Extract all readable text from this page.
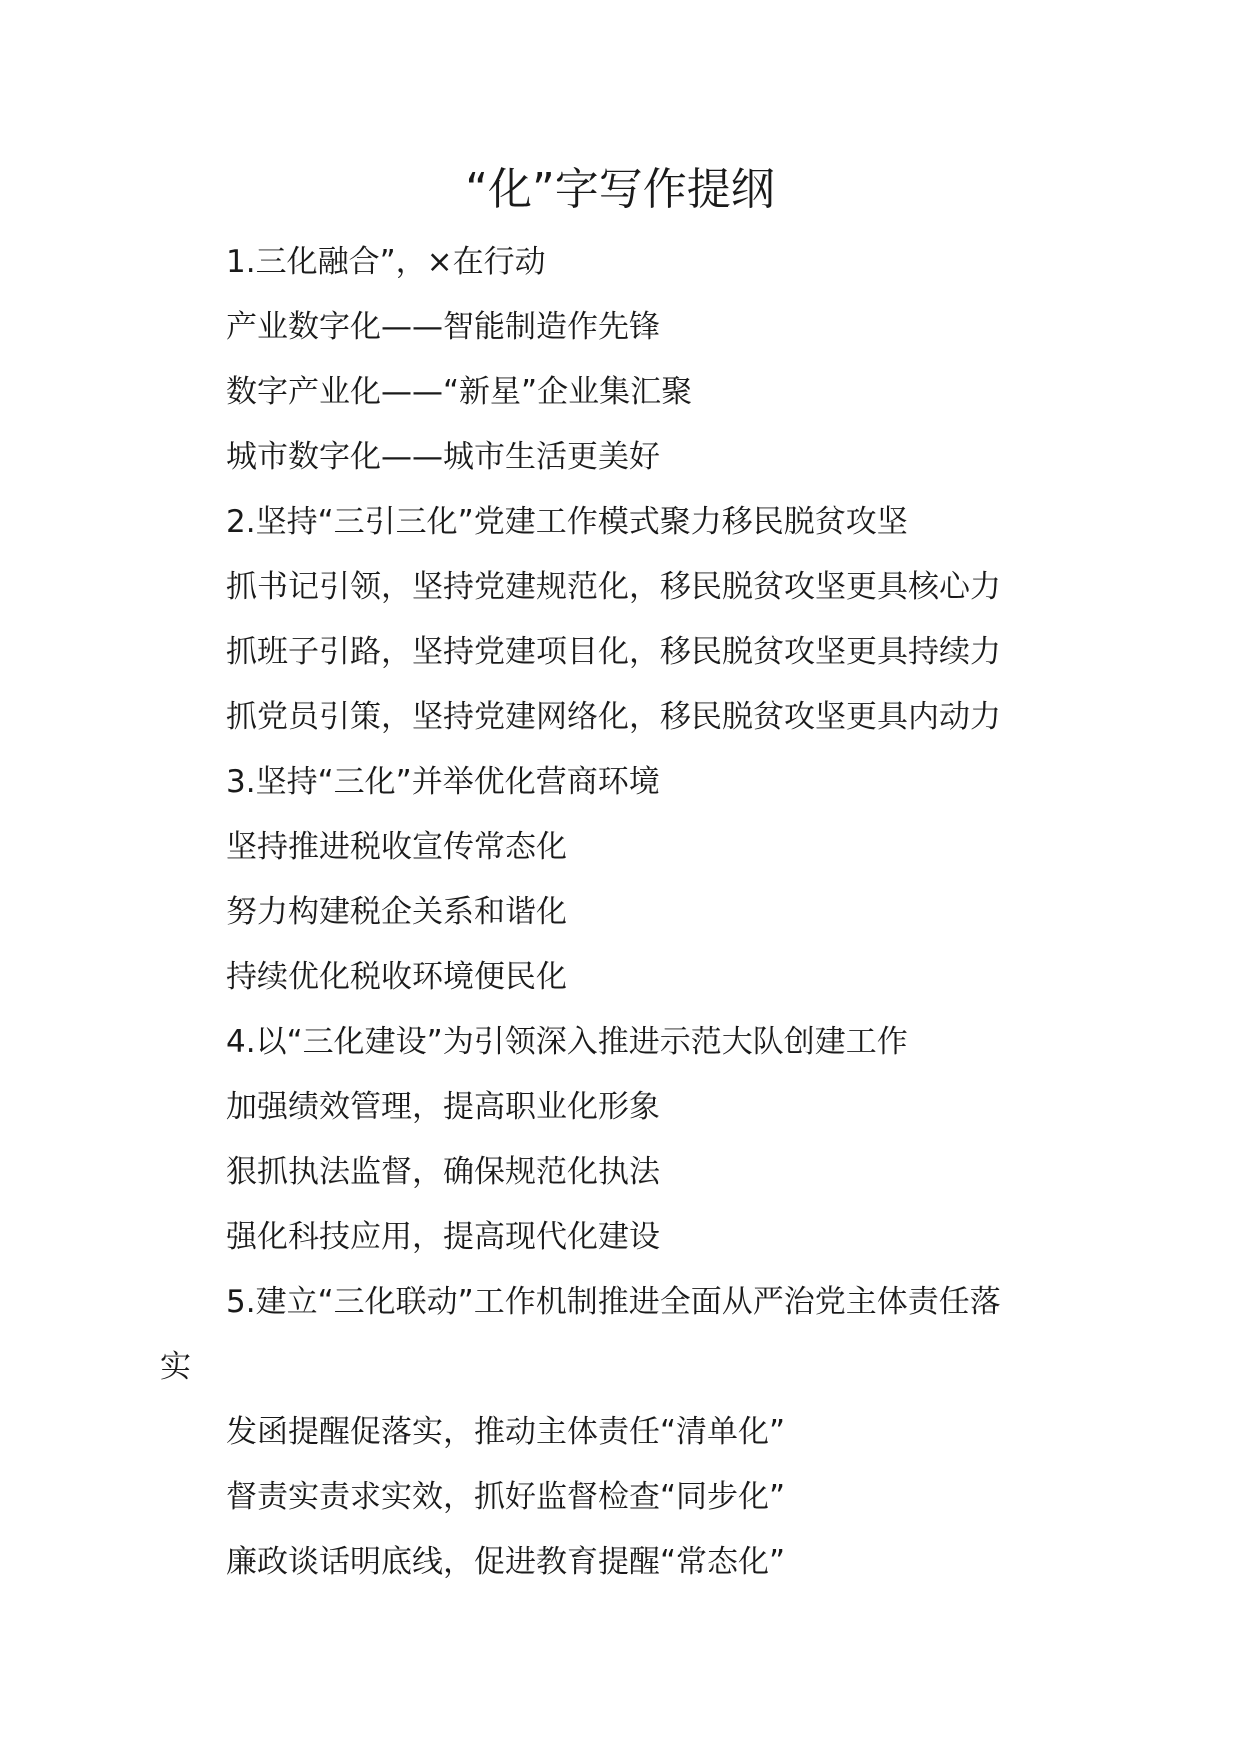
“化”字写作提纲
1.三化融合”，×在行动
产业数字化——智能制造作先锋
数字产业化——“新星”企业集汇聚
城市数字化——城市生活更美好
2.坚持“三引三化”党建工作模式聚力移民脱贫攻坚
抓书记引领，坚持党建规范化，移民脱贫攻坚更具核心力
抓班子引路，坚持党建项目化，移民脱贫攻坚更具持续力
抓党员引策，坚持党建网络化，移民脱贫攻坚更具内动力
3.坚持“三化”并举优化营商环境
坚持推进税收宣传常态化
努力构建税企关系和谐化
持续优化税收环境便民化
4.以“三化建设”为引领深入推进示范大队创建工作
加强绩效管理，提高职业化形象
狠抓执法监督，确保规范化执法
强化科技应用，提高现代化建设
5.建立“三化联动”工作机制推进全面从严治党主体责任落
实
发函提醒促落实，推动主体责任“清单化”
督责实责求实效，抓好监督检查“同步化”
廉政谈话明底线，促进教育提醒“常态化”
